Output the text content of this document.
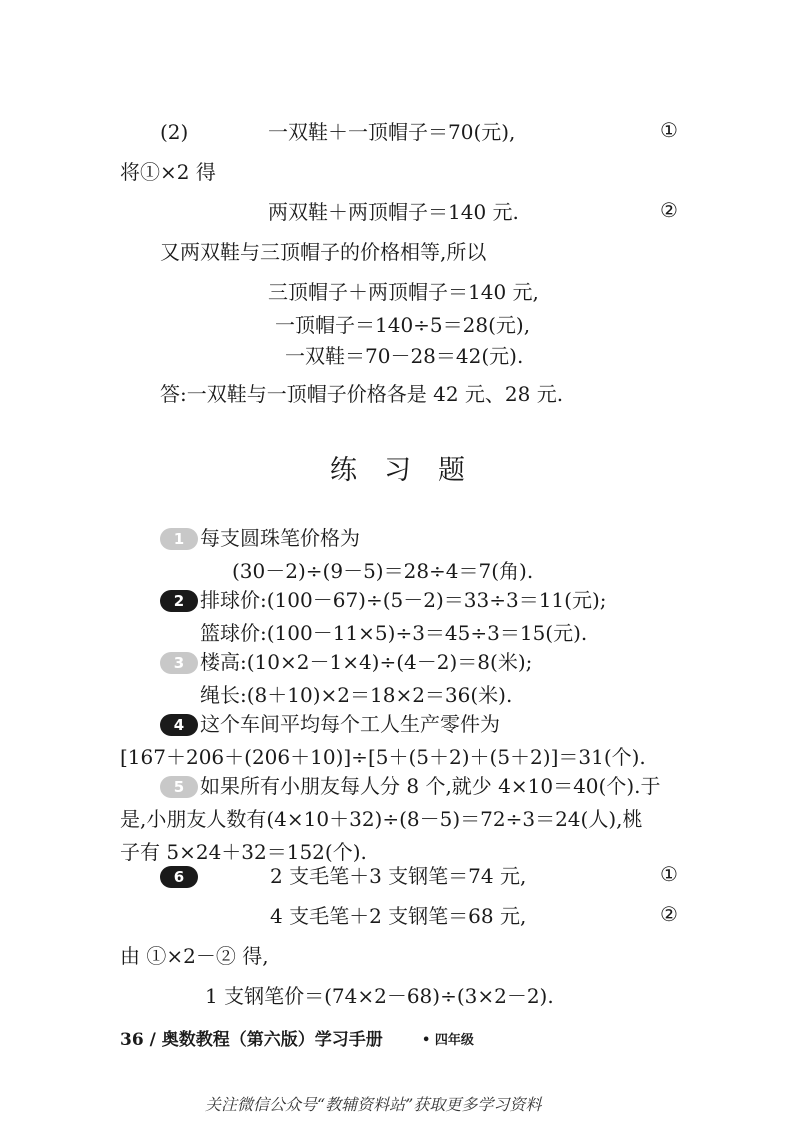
(2)	一双鞋＋一顶帽子＝70(元),	①
将①×2 得
两双鞋＋两顶帽子＝140 元.	②
又两双鞋与三顶帽子的价格相等,所以
三顶帽子＋两顶帽子＝140 元,
一顶帽子＝140÷5＝28(元),
一双鞋＝70－28＝42(元).
答:一双鞋与一顶帽子价格各是 42 元、28 元.
练　习　题
1 每支圆珠笔价格为
(30－2)÷(9－5)＝28÷4＝7(角).
2 排球价:(100－67)÷(5－2)＝33÷3＝11(元);
篮球价:(100－11×5)÷3＝45÷3＝15(元).
3 楼高:(10×2－1×4)÷(4－2)＝8(米);
绳长:(8＋10)×2＝18×2＝36(米).
4 这个车间平均每个工人生产零件为
[167＋206＋(206＋10)]÷[5＋(5＋2)＋(5＋2)]＝31(个).
5 如果所有小朋友每人分 8 个,就少 4×10＝40(个).于
是,小朋友人数有(4×10＋32)÷(8－5)＝72÷3＝24(人),桃
子有 5×24＋32＝152(个).
6	2 支毛笔＋3 支钢笔＝74 元,	①
4 支毛笔＋2 支钢笔＝68 元,	②
由 ①×2－② 得,
1 支钢笔价＝(74×2－68)÷(3×2－2).
36 / 奥数教程（第六版）学习手册	• 四年级
关注微信公众号“教辅资料站”获取更多学习资料
